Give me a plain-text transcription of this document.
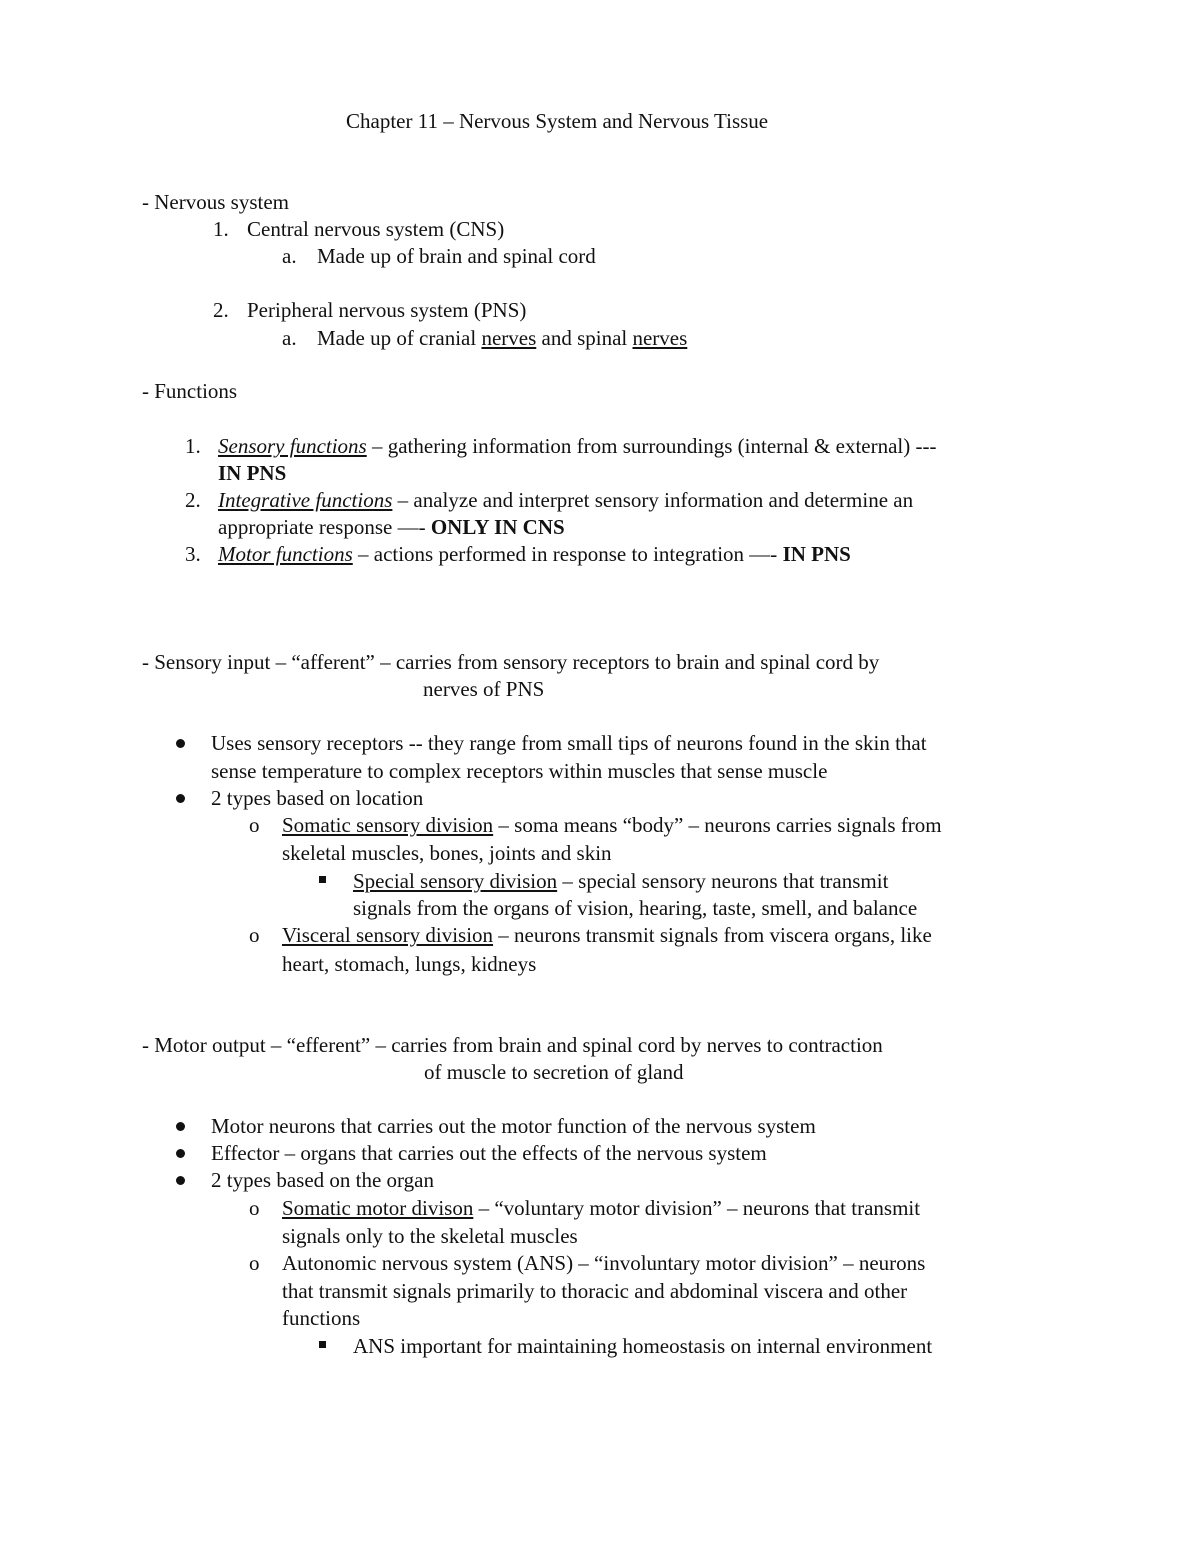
Chapter 11 – Nervous System and Nervous Tissue
- Nervous system
1. Central nervous system (CNS)
a. Made up of brain and spinal cord
2. Peripheral nervous system (PNS)
a. Made up of cranial nerves and spinal nerves
- Functions
1. Sensory functions – gathering information from surroundings (internal & external) ---
IN PNS
2. Integrative functions – analyze and interpret sensory information and determine an
appropriate response —- ONLY IN CNS
3. Motor functions – actions performed in response to integration —- IN PNS
- Sensory input – “afferent” – carries from sensory receptors to brain and spinal cord by
nerves of PNS
Uses sensory receptors -- they range from small tips of neurons found in the skin that
sense temperature to complex receptors within muscles that sense muscle
2 types based on location
o Somatic sensory division – soma means “body” – neurons carries signals from
skeletal muscles, bones, joints and skin
Special sensory division – special sensory neurons that transmit
signals from the organs of vision, hearing, taste, smell, and balance
o Visceral sensory division – neurons transmit signals from viscera organs, like
heart, stomach, lungs, kidneys
- Motor output – “efferent” – carries from brain and spinal cord by nerves to contraction
of muscle to secretion of gland
Motor neurons that carries out the motor function of the nervous system
Effector – organs that carries out the effects of the nervous system
2 types based on the organ
o Somatic motor divison – “voluntary motor division” – neurons that transmit
signals only to the skeletal muscles
o Autonomic nervous system (ANS) – “involuntary motor division” – neurons
that transmit signals primarily to thoracic and abdominal viscera and other
functions
ANS important for maintaining homeostasis on internal environment
